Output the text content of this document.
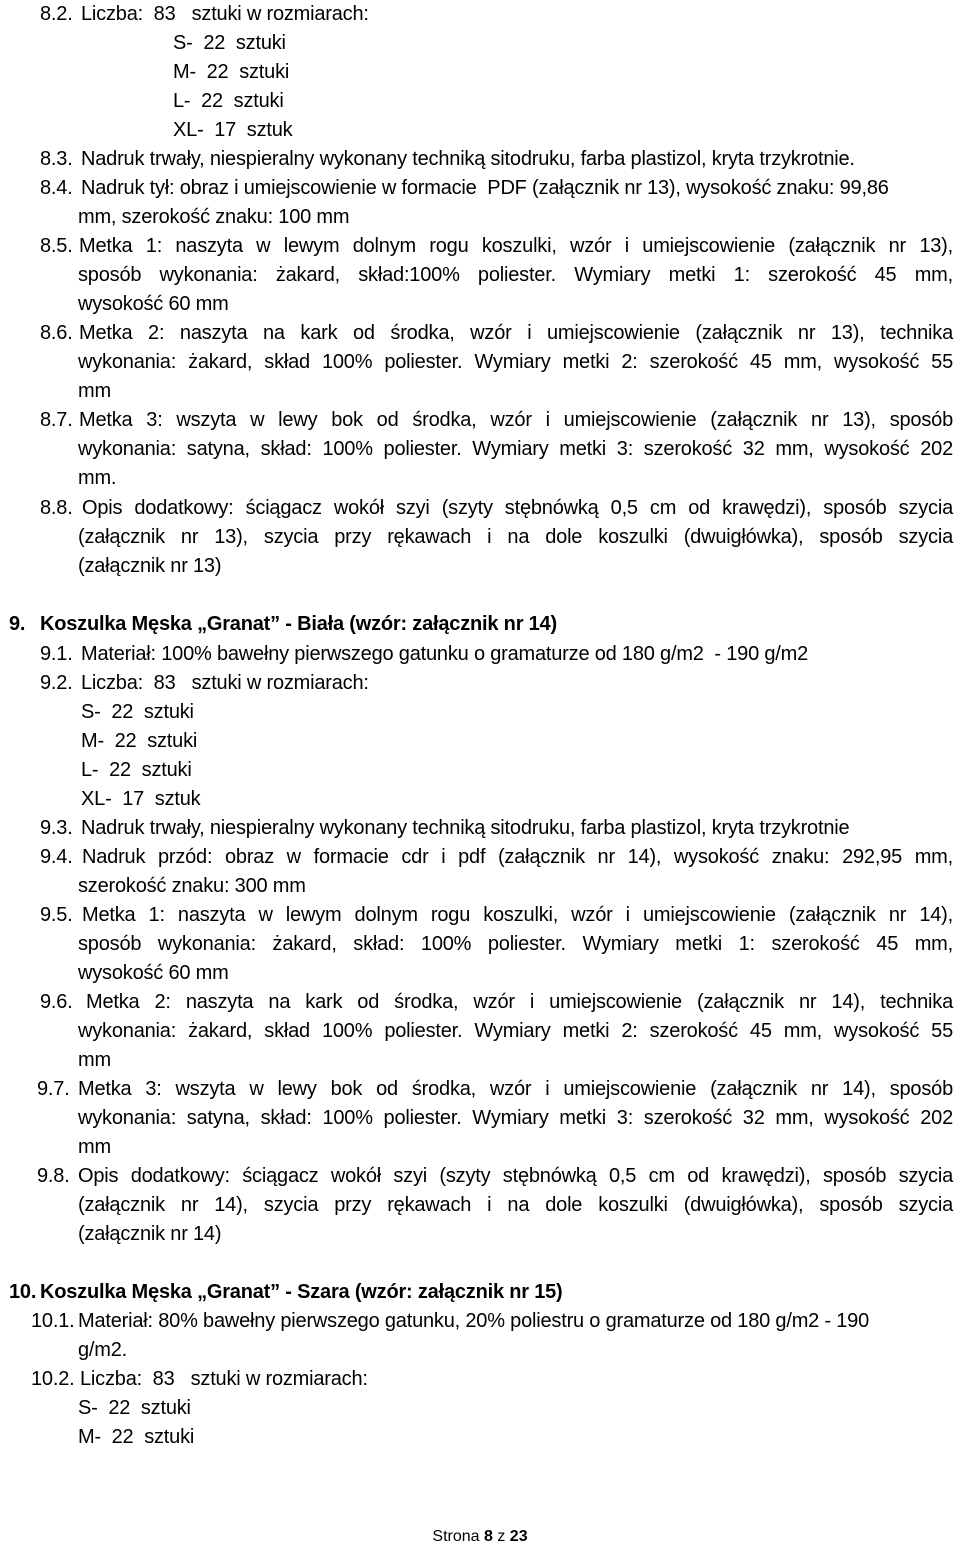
8.2. Liczba:  83   sztuki w rozmiarach:
S-  22  sztuki
M-  22  sztuki
L-  22  sztuki
XL-  17  sztuk
8.3. Nadruk trwały, niespieralny wykonany techniką sitodruku, farba plastizol, kryta trzykrotnie.
8.4. Nadruk tył: obraz i umiejscowienie w formacie  PDF (załącznik nr 13), wysokość znaku: 99,86
mm, szerokość znaku: 100 mm
8.5. Metka 1: naszyta w lewym dolnym rogu koszulki, wzór i umiejscowienie (załącznik nr 13),
sposób wykonania: żakard, skład:100% poliester. Wymiary metki 1: szerokość 45 mm,
wysokość 60 mm
8.6. Metka 2: naszyta na kark od środka, wzór i umiejscowienie (załącznik nr 13), technika
wykonania: żakard, skład 100% poliester. Wymiary metki 2: szerokość 45 mm, wysokość 55
mm
8.7. Metka 3: wszyta w lewy bok od środka, wzór i umiejscowienie (załącznik nr 13), sposób
wykonania: satyna, skład: 100% poliester. Wymiary metki 3: szerokość 32 mm, wysokość 202
mm.
8.8. Opis dodatkowy: ściągacz wokół szyi (szyty stębnówką 0,5 cm od krawędzi), sposób szycia
(załącznik nr 13), szycia przy rękawach i na dole koszulki (dwuigłówka), sposób szycia
(załącznik nr 13)
9. Koszulka Męska „Granat” - Biała (wzór: załącznik nr 14)
9.1. Materiał: 100% bawełny pierwszego gatunku o gramaturze od 180 g/m2  - 190 g/m2
9.2. Liczba:  83   sztuki w rozmiarach:
S-  22  sztuki
M-  22  sztuki
L-  22  sztuki
XL-  17  sztuk
9.3. Nadruk trwały, niespieralny wykonany techniką sitodruku, farba plastizol, kryta trzykrotnie
9.4. Nadruk przód: obraz w formacie cdr i pdf (załącznik nr 14), wysokość znaku: 292,95 mm,
szerokość znaku: 300 mm
9.5. Metka 1: naszyta w lewym dolnym rogu koszulki, wzór i umiejscowienie (załącznik nr 14),
sposób wykonania: żakard, skład: 100% poliester. Wymiary metki 1: szerokość 45 mm,
wysokość 60 mm
9.6. Metka 2: naszyta na kark od środka, wzór i umiejscowienie (załącznik nr 14), technika
wykonania: żakard, skład 100% poliester. Wymiary metki 2: szerokość 45 mm, wysokość 55
mm
9.7. Metka 3: wszyta w lewy bok od środka, wzór i umiejscowienie (załącznik nr 14), sposób
wykonania: satyna, skład: 100% poliester. Wymiary metki 3: szerokość 32 mm, wysokość 202
mm
9.8. Opis dodatkowy: ściągacz wokół szyi (szyty stębnówką 0,5 cm od krawędzi), sposób szycia
(załącznik nr 14), szycia przy rękawach i na dole koszulki (dwuigłówka), sposób szycia
(załącznik nr 14)
10. Koszulka Męska „Granat” - Szara (wzór: załącznik nr 15)
10.1. Materiał: 80% bawełny pierwszego gatunku, 20% poliestru o gramaturze od 180 g/m2 - 190
g/m2.
10.2. Liczba:  83   sztuki w rozmiarach:
S-  22  sztuki
M-  22  sztuki
Strona 8 z 23
